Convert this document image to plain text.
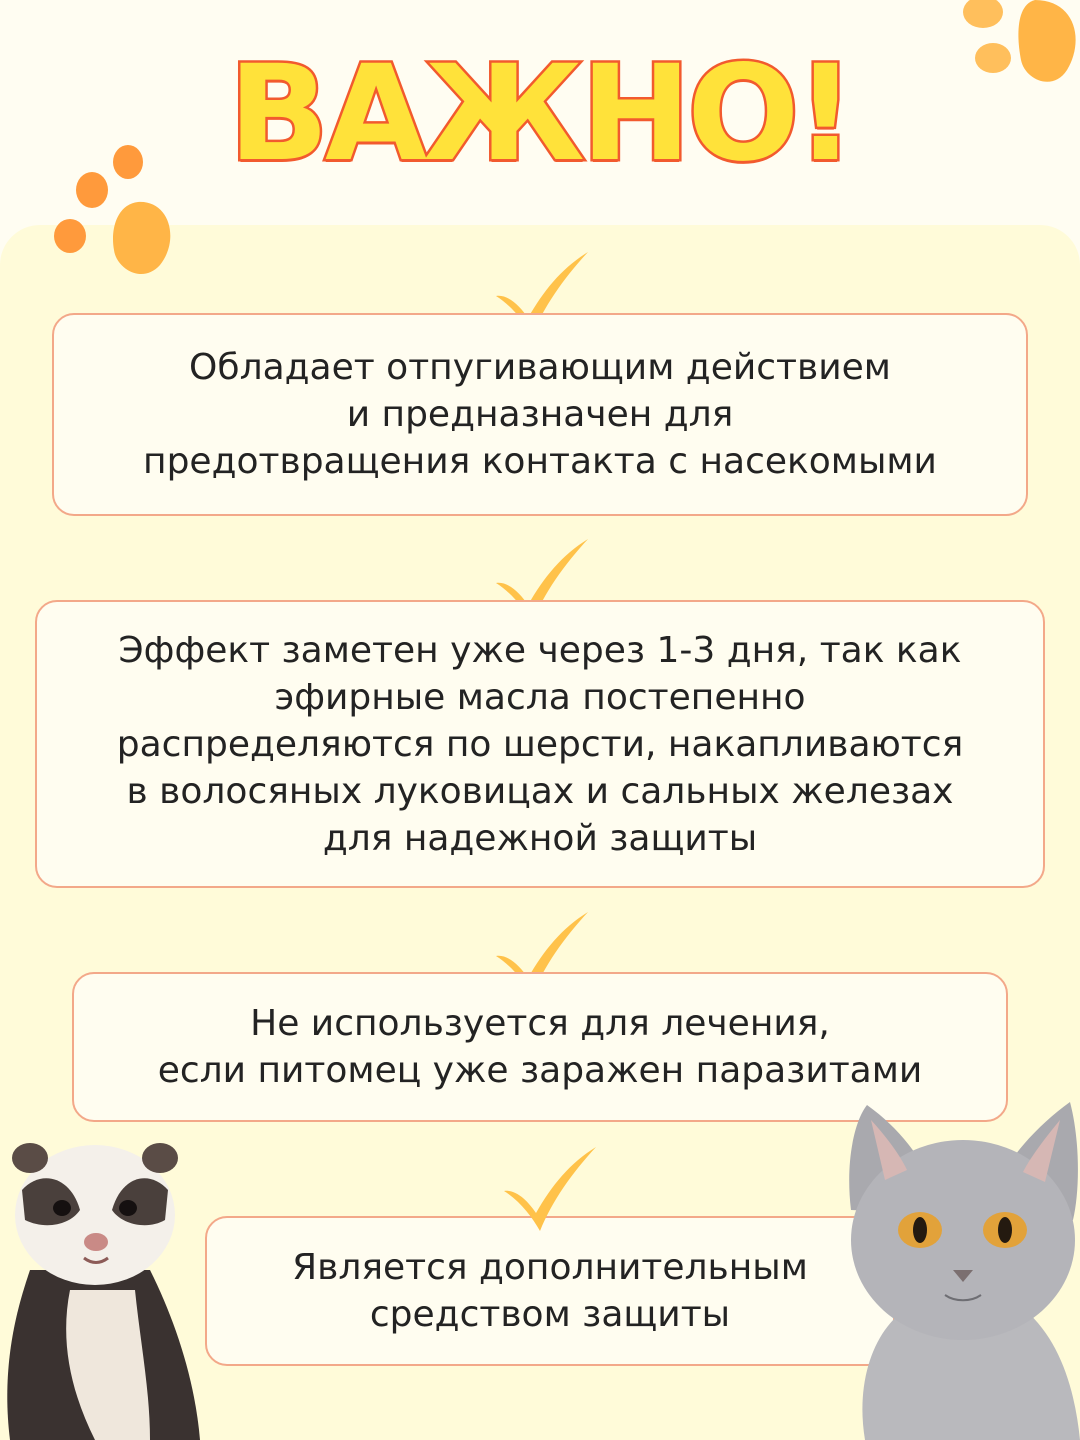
ВАЖНО!
Обладает отпугивающим действием
и предназначен для
предотвращения контакта с насекомыми
Эффект заметен уже через 1-3 дня, так как
эфирные масла постепенно
распределяются по шерсти, накапливаются
в волосяных луковицах и сальных железах
для надежной защиты
Не используется для лечения,
если питомец уже заражен паразитами
Является дополнительным
средством защиты
